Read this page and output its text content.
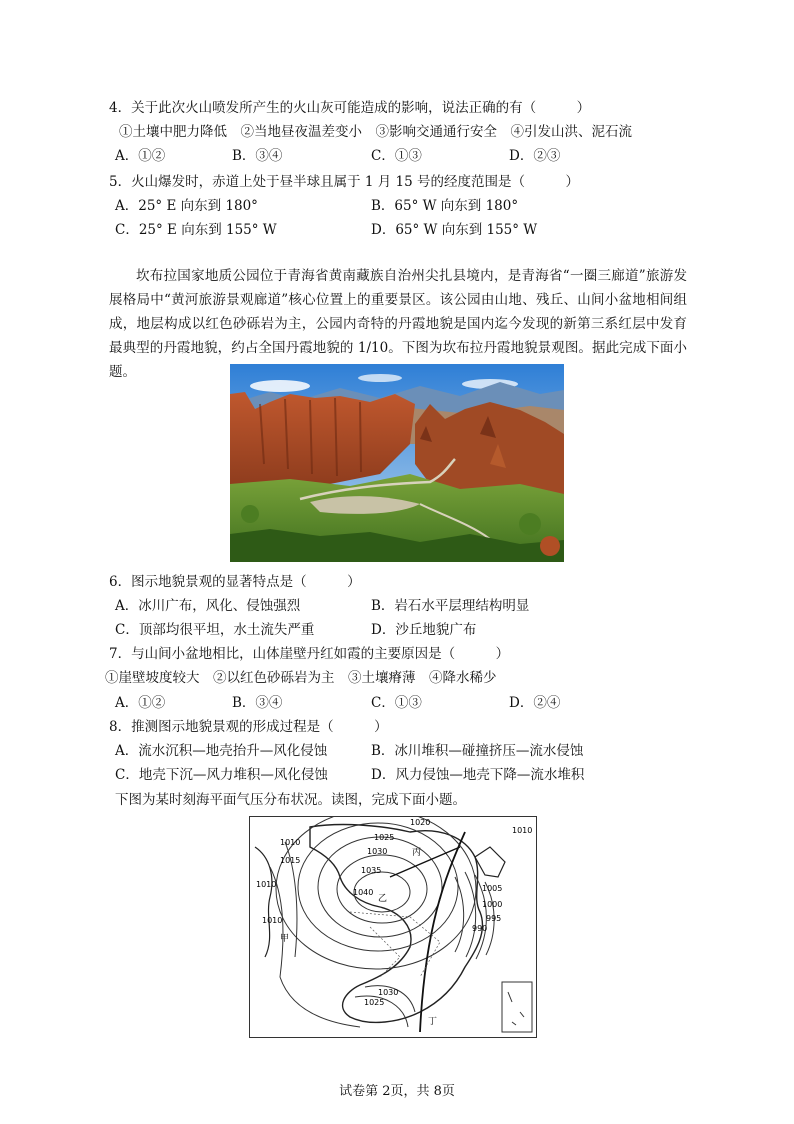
4．关于此次火山喷发所产生的火山灰可能造成的影响，说法正确的有（　　　）
①土壤中肥力降低　②当地昼夜温差变小　③影响交通通行安全　④引发山洪、泥石流
A．①②	B．③④	C．①③	D．②③
5．火山爆发时，赤道上处于昼半球且属于 1 月 15 号的经度范围是（　　　）
A．25° E 向东到 180°	B．65° W 向东到 180°
C．25° E 向东到 155° W	D．65° W 向东到 155° W
坎布拉国家地质公园位于青海省黄南藏族自治州尖扎县境内，是青海省“一圈三廊道”旅游发展格局中“黄河旅游景观廊道”核心位置上的重要景区。该公园由山地、残丘、山间小盆地相间组成，地层构成以红色砂砾岩为主，公园内奇特的丹霞地貌是国内迄今发现的新第三系红层中发育最典型的丹霞地貌，约占全国丹霞地貌的 1/10。下图为坎布拉丹霞地貌景观图。据此完成下面小题。
6．图示地貌景观的显著特点是（　　　）
A．冰川广布，风化、侵蚀强烈	B．岩石水平层理结构明显
C．顶部均很平坦，水土流失严重	D．沙丘地貌广布
7．与山间小盆地相比，山体崖壁丹红如霞的主要原因是（　　　）
①崖壁坡度较大　②以红色砂砾岩为主　③土壤瘠薄　④降水稀少
A．①②	B．③④	C．①③	D．②④
8．推测图示地貌景观的形成过程是（　　　）
A．流水沉积—地壳抬升—风化侵蚀	B．冰川堆积—碰撞挤压—流水侵蚀
C．地壳下沉—风力堆积—风化侵蚀	D．风力侵蚀—地壳下降—流水堆积
下图为某时刻海平面气压分布状况。读图，完成下面小题。
1020
1025
1030
1035
1040
1010
1015
1010
1010
1010
1005
1000
995
990
1030
1025
甲
乙
丙
丁
试卷第 2页，共 8页
